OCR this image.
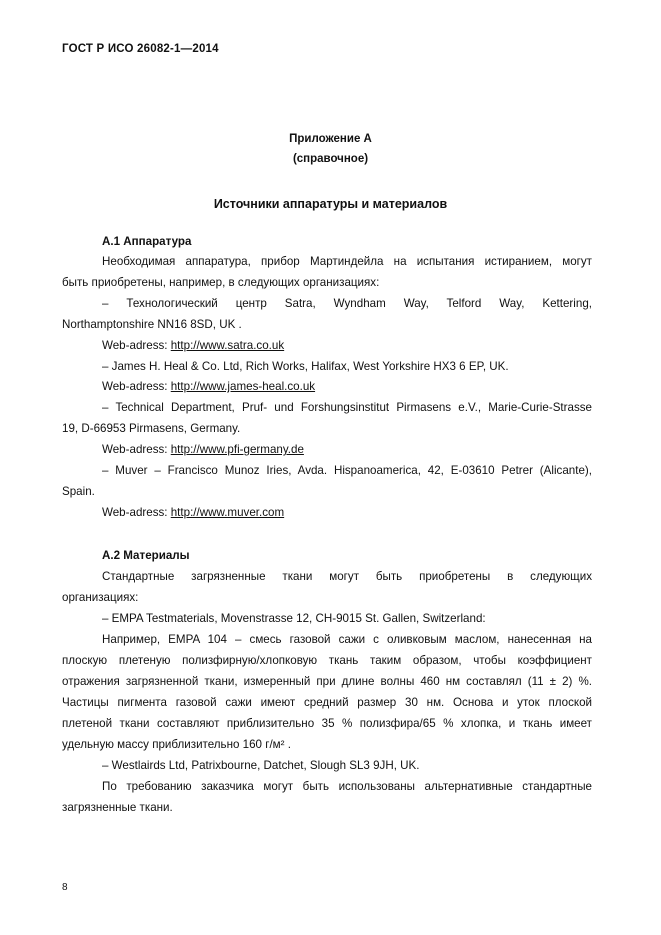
ГОСТ Р ИСО 26082-1—2014
Приложение А
(справочное)
Источники аппаратуры и материалов
А.1 Аппаратура
Необходимая аппаратура, прибор Мартиндейла на испытания истиранием, могут
быть приобретены, например, в следующих организациях:
– Технологический центр Satra, Wyndham Way, Telford Way, Kettering,
Northamptonshire NN16 8SD, UK .
Web-adress: http://www.satra.co.uk
– James H. Heal & Co. Ltd, Rich Works, Halifax, West Yorkshire HX3 6 EP, UK.
Web-adress: http://www.james-heal.co.uk
– Technical Department, Pruf- und Forshungsinstitut Pirmasens e.V., Marie-Curie-Strasse
19, D-66953 Pirmasens, Germany.
Web-adress: http://www.pfi-germany.de
– Muver – Francisco Munoz Iries, Avda. Hispanoamerica, 42, E-03610 Petrer (Alicante),
Spain.
Web-adress: http://www.muver.com
А.2 Материалы
Стандартные загрязненные ткани могут быть приобретены в следующих
организациях:
– EMPA Testmaterials, Movenstrasse 12, CH-9015 St. Gallen, Switzerland:
Например, EMPA 104 – смесь газовой сажи с оливковым маслом, нанесенная на
плоскую плетеную полизфирную/хлопковую ткань таким образом, чтобы коэффициент
отражения загрязненной ткани, измеренный при длине волны 460 нм составлял (11 ± 2) %.
Частицы пигмента газовой сажи имеют средний размер 30 нм. Основа и уток плоской
плетеной ткани составляют приблизительно 35 % полизфира/65 % хлопка, и ткань имеет
удельную массу приблизительно 160 г/м² .
– Westlairds Ltd, Patrixbourne, Datchet, Slough SL3 9JH, UK.
По требованию заказчика могут быть использованы альтернативные стандартные
загрязненные ткани.
8
